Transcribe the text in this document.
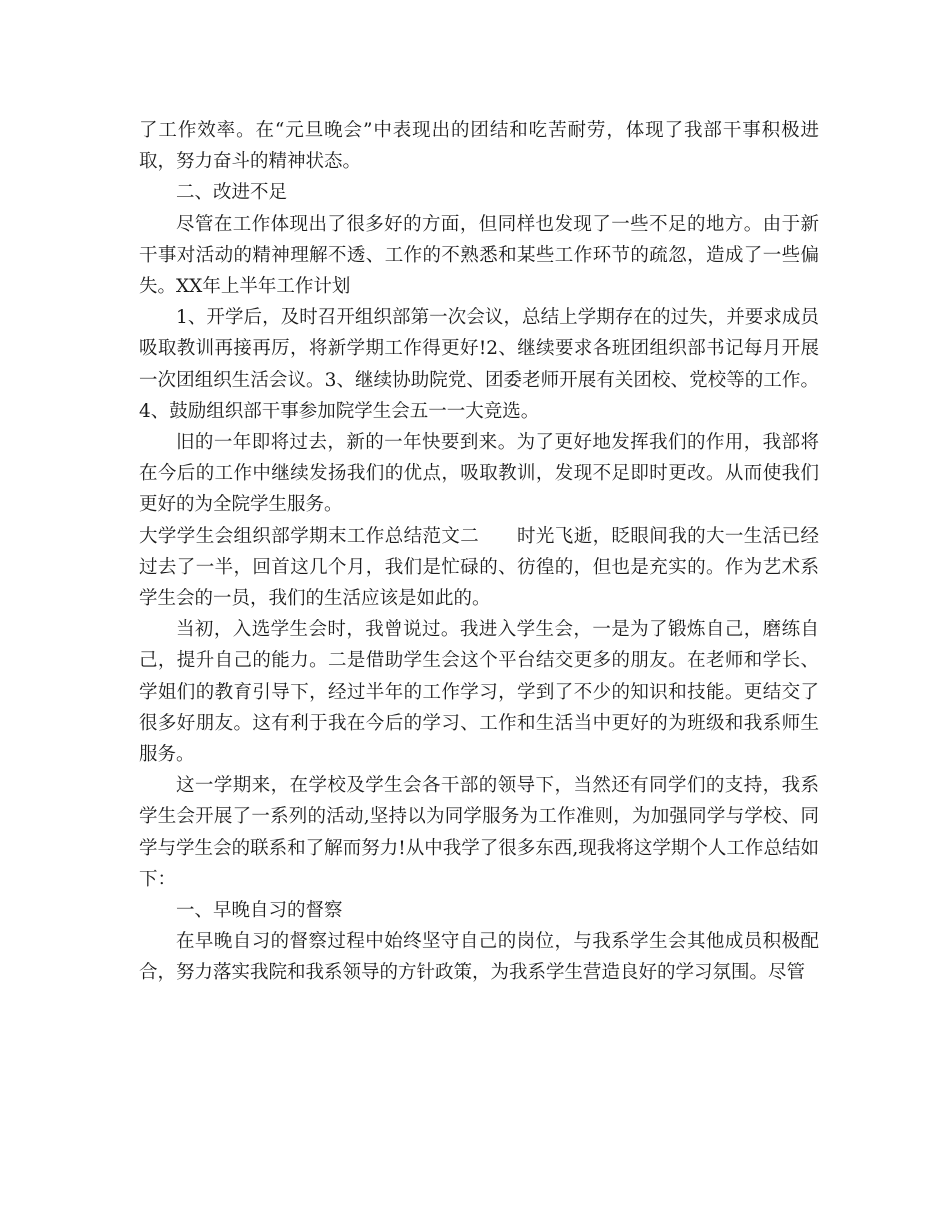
了工作效率。在“元旦晚会”中表现出的团结和吃苦耐劳，体现了我部干事积极进取，努力奋斗的精神状态。

二、改进不足

尽管在工作体现出了很多好的方面，但同样也发现了一些不足的地方。由于新干事对活动的精神理解不透、工作的不熟悉和某些工作环节的疏忽，造成了一些偏失。XX年上半年工作计划

1、开学后，及时召开组织部第一次会议，总结上学期存在的过失，并要求成员吸取教训再接再厉，将新学期工作得更好!2、继续要求各班团组织部书记每月开展一次团组织生活会议。3、继续协助院党、团委老师开展有关团校、党校等的工作。4、鼓励组织部干事参加院学生会五一一大竞选。

旧的一年即将过去，新的一年快要到来。为了更好地发挥我们的作用，我部将在今后的工作中继续发扬我们的优点，吸取教训，发现不足即时更改。从而使我们更好的为全院学生服务。

大学学生会组织部学期末工作总结范文二　　时光飞逝，眨眼间我的大一生活已经过去了一半，回首这几个月，我们是忙碌的、彷徨的，但也是充实的。作为艺术系学生会的一员，我们的生活应该是如此的。

当初，入选学生会时，我曾说过。我进入学生会，一是为了锻炼自己，磨练自己，提升自己的能力。二是借助学生会这个平台结交更多的朋友。在老师和学长、学姐们的教育引导下，经过半年的工作学习，学到了不少的知识和技能。更结交了很多好朋友。这有利于我在今后的学习、工作和生活当中更好的为班级和我系师生服务。

这一学期来，在学校及学生会各干部的领导下，当然还有同学们的支持，我系学生会开展了一系列的活动,坚持以为同学服务为工作准则，为加强同学与学校、同学与学生会的联系和了解而努力!从中我学了很多东西,现我将这学期个人工作总结如下：

一、早晚自习的督察

在早晚自习的督察过程中始终坚守自己的岗位，与我系学生会其他成员积极配合，努力落实我院和我系领导的方针政策，为我系学生营造良好的学习氛围。尽管
